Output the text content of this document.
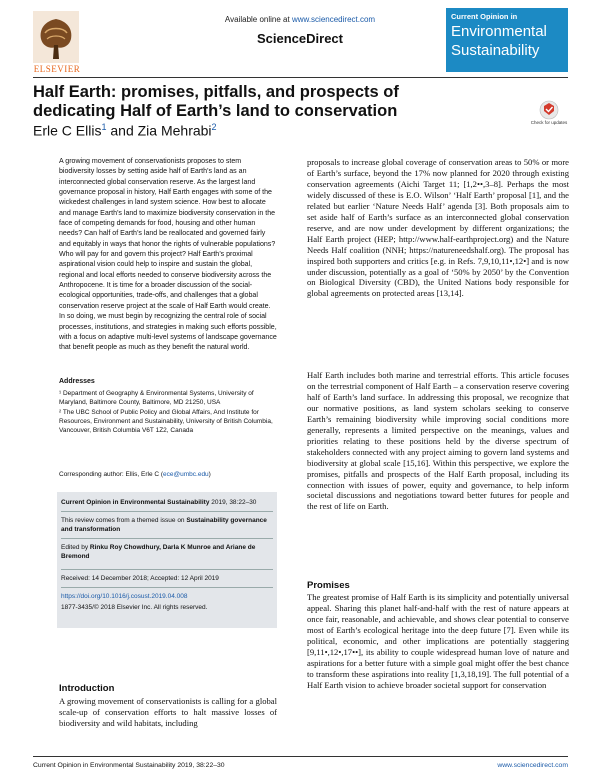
ELSEVIER
Available online at www.sciencedirect.com
ScienceDirect
Current Opinion in
Environmental
Sustainability
Half Earth: promises, pitfalls, and prospects of
dedicating Half of Earth’s land to conservation
Erle C Ellis$^1$ and Zia Mehrabi$^2$	Check for updates
A growing movement of conservationists proposes to stem biodiversity losses by setting aside half of Earth’s land as an interconnected global conservation reserve. As the largest land governance proposal in history, Half Earth engages with some of the wickedest challenges in land system science. How best to allocate and manage Earth’s land to maximize biodiversity conservation in the face of competing demands for food, housing and other human needs? Can half of Earth’s land be reallocated and governed fairly and equitably in ways that honor the rights of vulnerable populations? Who will pay for and govern this project? Half Earth’s proximal aspirational vision could help to inspire and sustain the global, regional and local efforts needed to conserve biodiversity across the Anthropocene. It is time for a broader discussion of the social-ecological opportunities, trade-offs, and challenges that a global conservation reserve project at the scale of Half Earth would create. In so doing, we must begin by recognizing the central role of social processes, institutions, and strategies in making such efforts possible, with a focus on adaptive multi-level systems of landscape governance that benefit people as much as they benefit the natural world.
Addresses
¹ Department of Geography & Environmental Systems, University of Maryland, Baltimore County, Baltimore, MD 21250, USA
² The UBC School of Public Policy and Global Affairs, And Institute for Resources, Environment and Sustainability, University of British Columbia, Vancouver, British Columbia V6T 1Z2, Canada
Corresponding author: Ellis, Erle C (ece@umbc.edu)

Current Opinion in Environmental Sustainability 2019, 38:22–30

This review comes from a themed issue on Sustainability governance and transformation

Edited by Rinku Roy Chowdhury, Darla K Munroe and Ariane de Bremond

Received: 14 December 2018; Accepted: 12 April 2019

https://doi.org/10.1016/j.cosust.2019.04.008

1877-3435/© 2018 Elsevier Inc. All rights reserved.

Introduction
A growing movement of conservationists is calling for a global scale-up of conservation efforts to halt massive losses of biodiversity and wild habitats, including
proposals to increase global coverage of conservation areas to 50% or more of Earth’s surface, beyond the 17% now planned for 2020 through existing conservation agreements (Aichi Target 11; [1,2••,3–8]. Perhaps the most widely discussed of these is E.O. Wilson’ ‘Half Earth’ proposal [1], and the related but earlier ‘Nature Needs Half’ agenda [3]. Both proposals aim to set aside half of Earth’s surface as an interconnected global conservation reserve, and are now under development by different organizations; the Half Earth project (HEP; http://www.half-earthproject.org) and the Nature Needs Half coalition (NNH; https://natureneedshalf.org). The proposal has inspired both supporters and critics [e.g. in Refs. 7,9,10,11•,12•] and is now under discussion, potentially as a goal of ‘50% by 2050’ by the Convention on Biological Diversity (CBD), the United Nations body responsible for global agreements on protected areas [13,14].
Half Earth includes both marine and terrestrial efforts. This article focuses on the terrestrial component of Half Earth – a conservation reserve covering half of Earth’s land surface. In addressing this proposal, we recognize that our normative positions, as land system scholars seeking to conserve Earth’s remaining biodiversity while improving social conditions more generally, represents a limited perspective on the meanings, values and priorities relating to these positions held by the diverse spectrum of stakeholders connected with any project aiming to govern land systems and biodiversity at global scale [15,16]. Within this perspective, we explore the promises, pitfalls and prospects of the Half Earth proposal, including its connection with issues of power, equity and governance, to help inform societal discussions and negotiations toward better futures for people and the rest of life on Earth.
Promises
The greatest promise of Half Earth is its simplicity and potentially universal appeal. Sharing this planet half-and-half with the rest of nature appears at once fair, reasonable, and achievable, and shows clear potential to conserve most of Earth’s ecological heritage into the deep future [7]. Even while its political, economic, and other implications are potentially staggering [9,11•,12•,17••], its ability to couple widespread human love of nature and aspirations for a better future with a simple goal might offer the best chance to transform these aspirations into reality [1,3,18,19]. The full potential of a Half Earth vision to achieve broader societal support for conservation
Current Opinion in Environmental Sustainability 2019, 38:22–30	www.sciencedirect.com
